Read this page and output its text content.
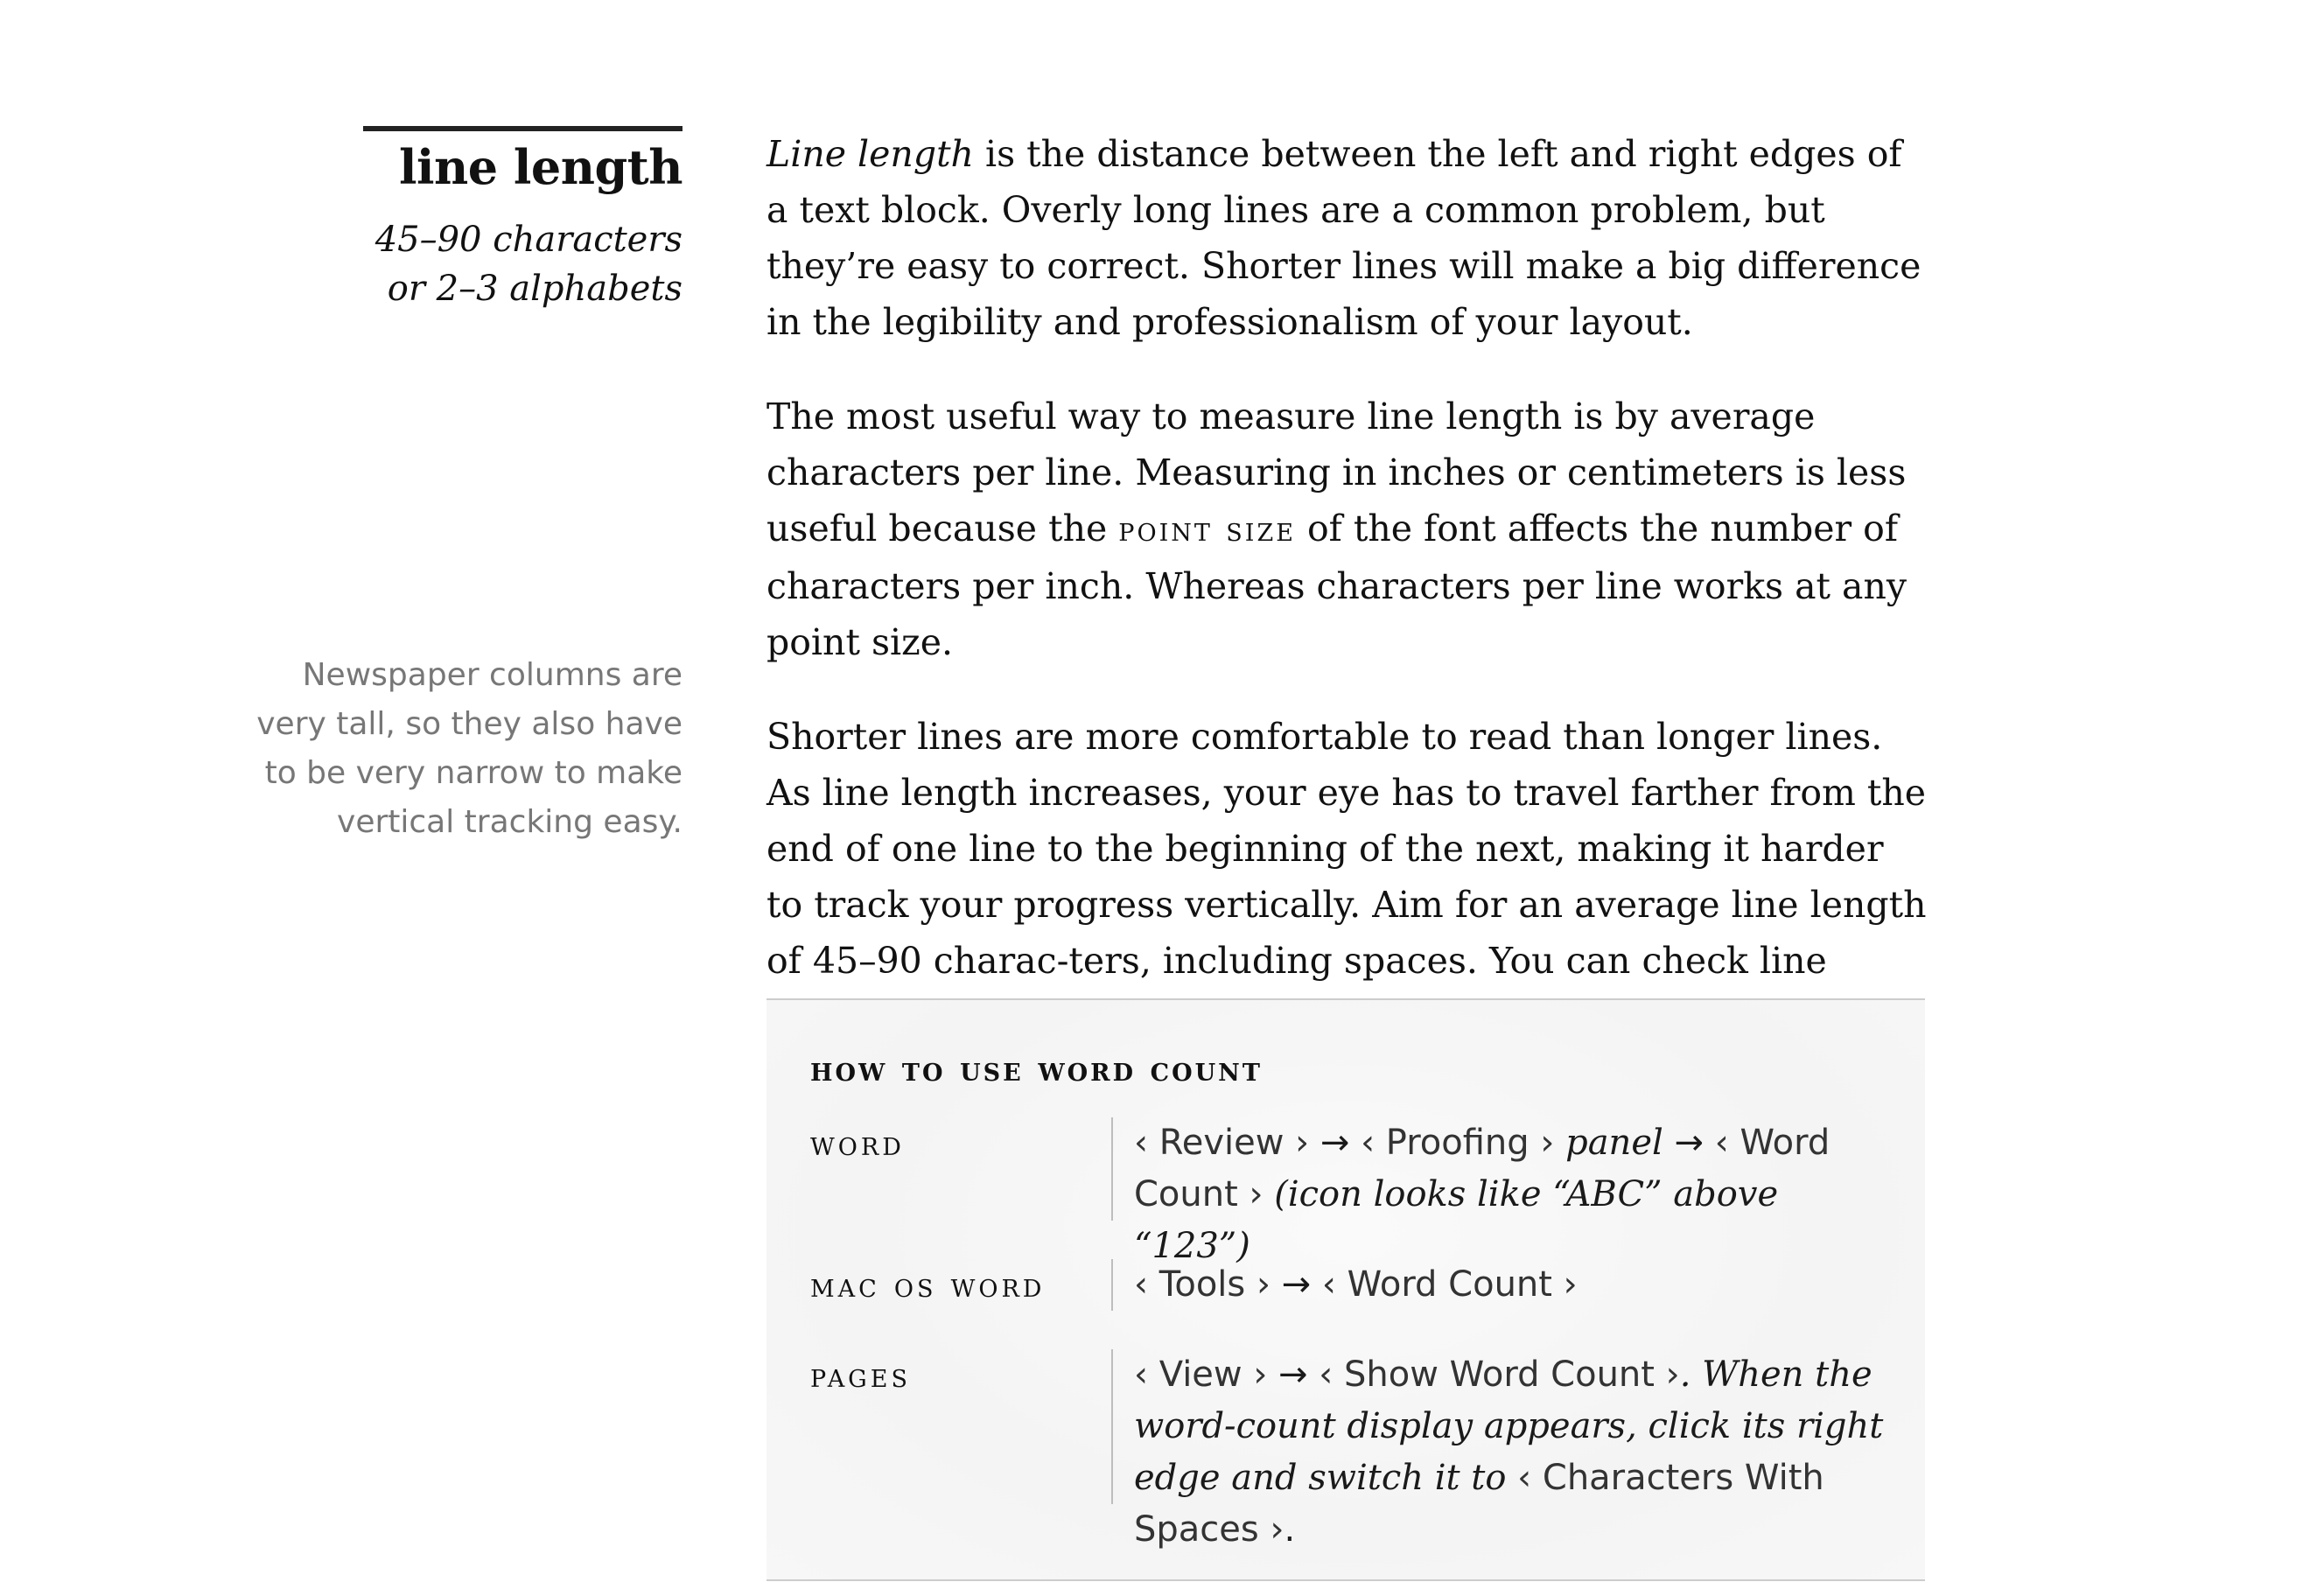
line length
45–90 characters
or 2–3 alphabets
Newspaper columns are very tall, so they also have to be very narrow to make vertical tracking easy.

Line length is the distance between the left and right edges of a text block. Overly long lines are a common problem, but they’re easy to correct. Shorter lines will make a big difference in the legibility and professionalism of your layout.

The most useful way to measure line length is by average characters per line. Measuring in inches or centimeters is less useful because the point size of the font affects the number of characters per inch. Whereas characters per line works at any point size.

Shorter lines are more comfortable to read than longer lines. As line length increases, your eye has to travel farther from the end of one line to the beginning of the next, making it harder to track your progress vertically. Aim for an average line length of 45–90 charac-ters, including spaces. You can check line

how to use word count
word	‹ Review › → ‹ Proofing › panel → ‹ Word Count › (icon looks like “ABC” above “123”)
mac os word	‹ Tools › → ‹ Word Count ›
pages	‹ View › → ‹ Show Word Count ›. When the word-count display appears, click its right edge and switch it to ‹ Characters With Spaces ›.
